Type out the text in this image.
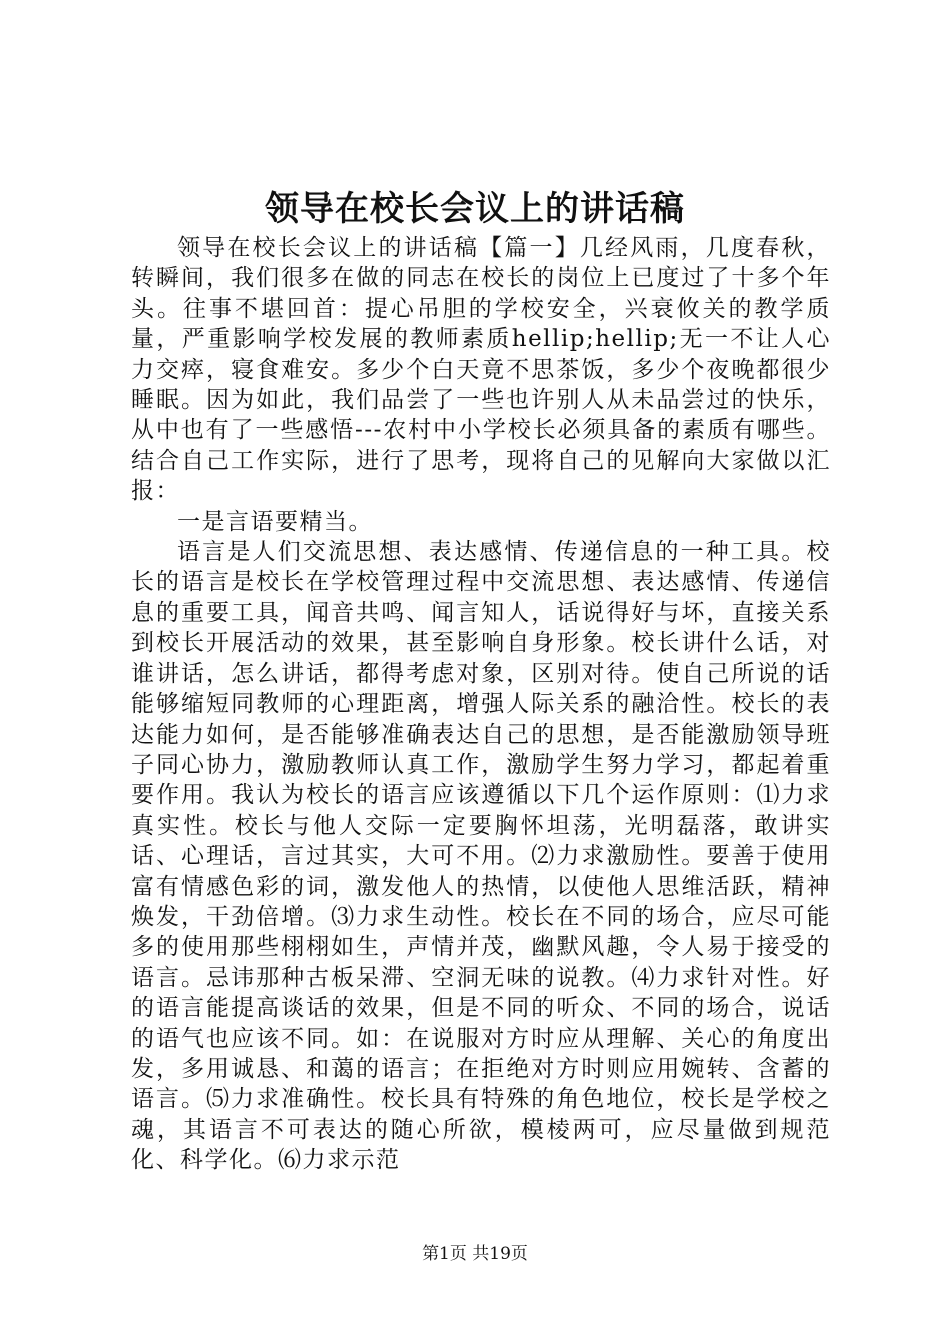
领导在校长会议上的讲话稿

领导在校长会议上的讲话稿【篇一】几经风雨，几度春秋，转瞬间，我们很多在做的同志在校长的岗位上已度过了十多个年头。往事不堪回首：提心吊胆的学校安全，兴衰攸关的教学质量，严重影响学校发展的教师素质hellip;hellip;无一不让人心力交瘁，寝食难安。多少个白天竟不思茶饭，多少个夜晚都很少睡眠。因为如此，我们品尝了一些也许别人从未品尝过的快乐，从中也有了一些感悟---农村中小学校长必须具备的素质有哪些。结合自己工作实际，进行了思考，现将自己的见解向大家做以汇报：

一是言语要精当。

语言是人们交流思想、表达感情、传递信息的一种工具。校长的语言是校长在学校管理过程中交流思想、表达感情、传递信息的重要工具，闻音共鸣、闻言知人，话说得好与坏，直接关系到校长开展活动的效果，甚至影响自身形象。校长讲什么话，对谁讲话，怎么讲话，都得考虑对象，区别对待。使自己所说的话能够缩短同教师的心理距离，增强人际关系的融洽性。校长的表达能力如何，是否能够准确表达自己的思想，是否能激励领导班子同心协力，激励教师认真工作，激励学生努力学习，都起着重要作用。我认为校长的语言应该遵循以下几个运作原则：⑴力求真实性。校长与他人交际一定要胸怀坦荡，光明磊落，敢讲实话、心理话，言过其实，大可不用。⑵力求激励性。要善于使用富有情感色彩的词，激发他人的热情，以使他人思维活跃，精神焕发，干劲倍增。⑶力求生动性。校长在不同的场合，应尽可能多的使用那些栩栩如生，声情并茂，幽默风趣，令人易于接受的语言。忌讳那种古板呆滞、空洞无味的说教。⑷力求针对性。好的语言能提高谈话的效果，但是不同的听众、不同的场合，说话的语气也应该不同。如：在说服对方时应从理解、关心的角度出发，多用诚恳、和蔼的语言；在拒绝对方时则应用婉转、含蓄的语言。⑸力求准确性。校长具有特殊的角色地位，校长是学校之魂，其语言不可表达的随心所欲，模棱两可，应尽量做到规范化、科学化。⑹力求示范

第1页 共19页
